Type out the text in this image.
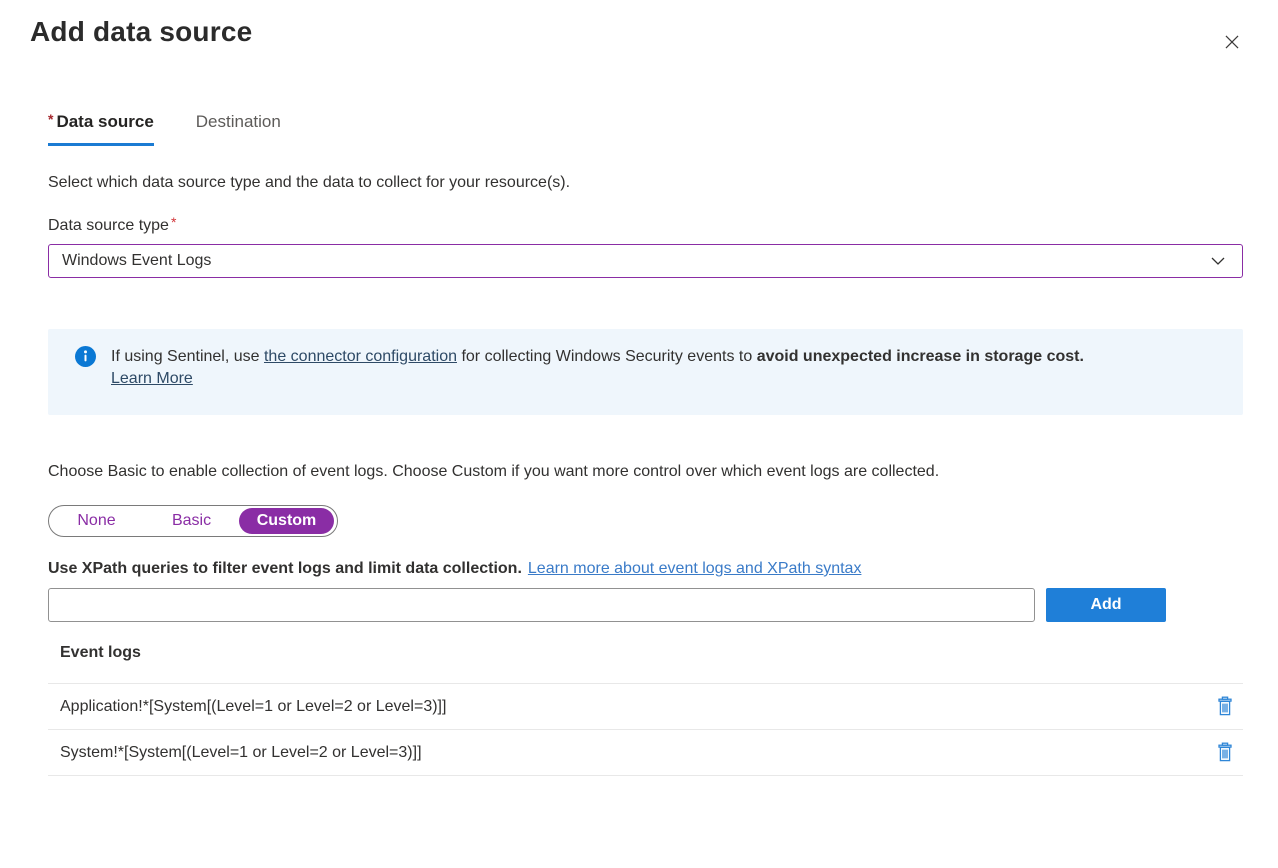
Add data source
* Data source Destination

Select which data source type and the data to collect for your resource(s).

Data source type *
Windows Event Logs
If using Sentinel, use the connector configuration for collecting Windows Security events to avoid unexpected increase in storage cost.
Learn More

Choose Basic to enable collection of event logs. Choose Custom if you want more control over which event logs are collected.

None	Basic	Custom

Use XPath queries to filter event logs and limit data collection. Learn more about event logs and XPath syntax

Add
Event logs
Application!*[System[(Level=1 or Level=2 or Level=3)]]
System!*[System[(Level=1 or Level=2 or Level=3)]]
